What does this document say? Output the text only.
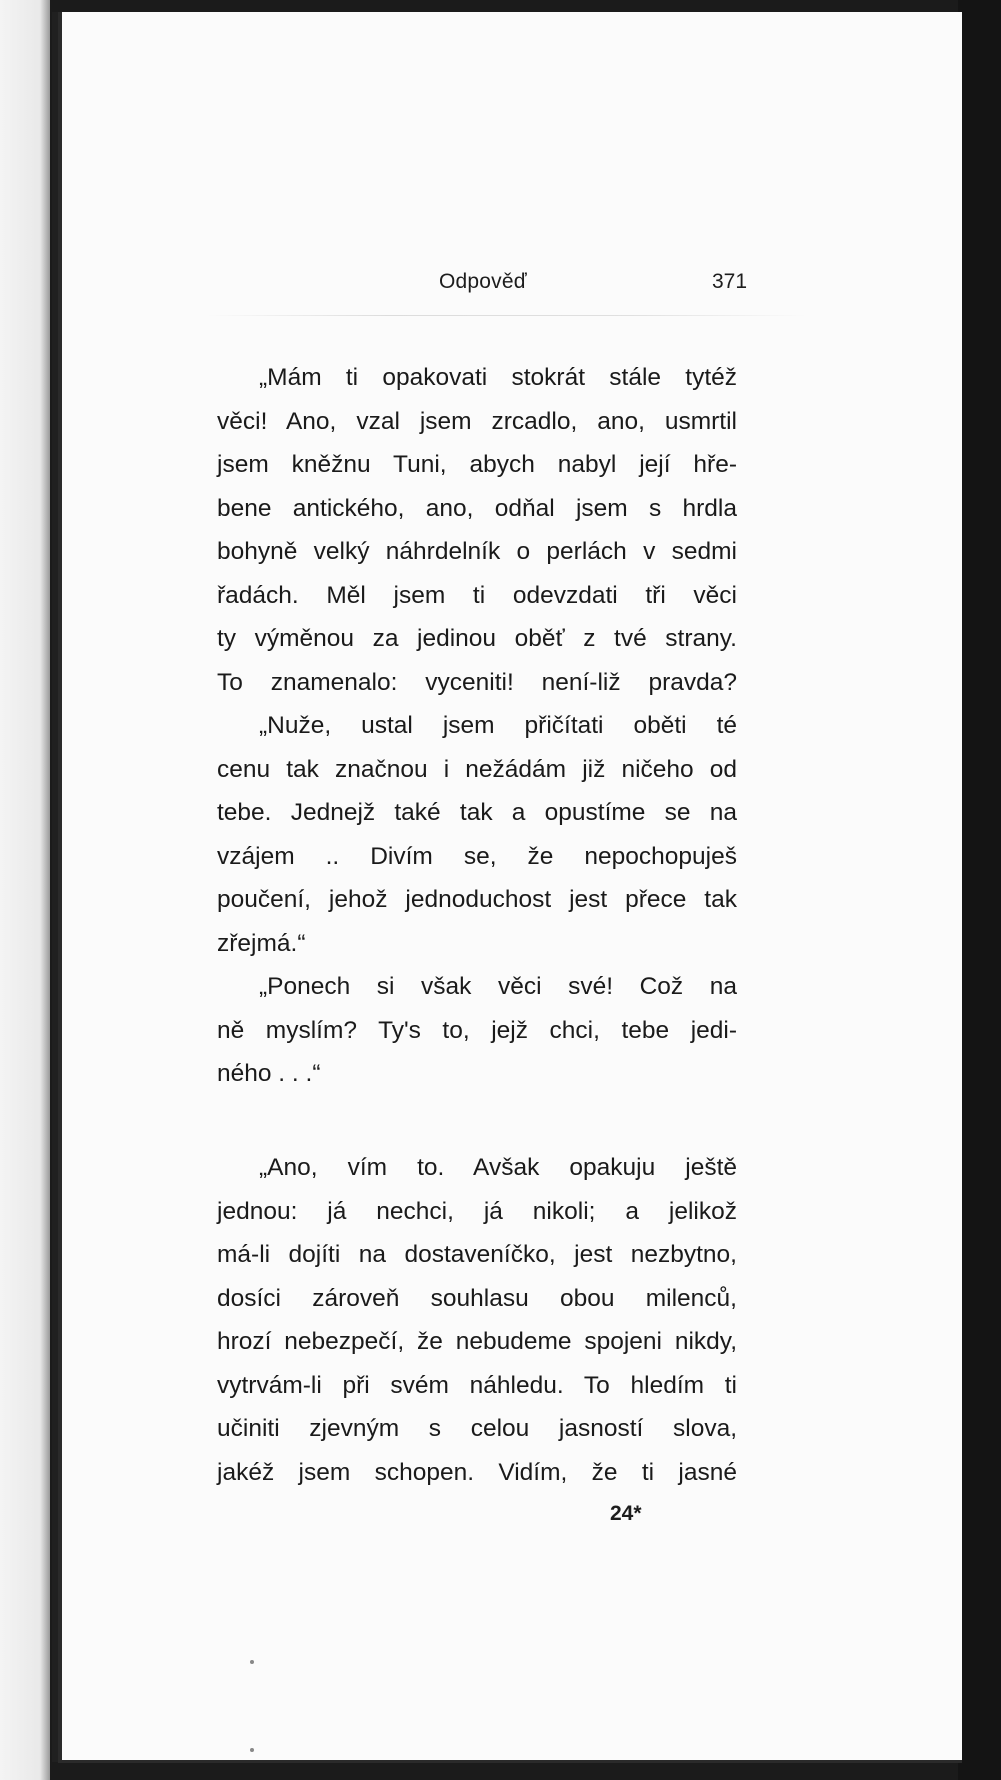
Odpověď	371
„Mám ti opakovati stokrát stále tytéž
věci! Ano, vzal jsem zrcadlo, ano, usmrtil
jsem kněžnu Tuni, abych nabyl její hře-
bene antického, ano, odňal jsem s hrdla
bohyně velký náhrdelník o perlách v sedmi
řadách. Měl jsem ti odevzdati tři věci
ty výměnou za jedinou oběť z tvé strany.
To znamenalo: vyceniti! není-liž pravda?
„Nuže, ustal jsem přičítati oběti té
cenu tak značnou i nežádám již ničeho od
tebe. Jednejž také tak a opustíme se na
vzájem .. Divím se, že nepochopuješ
poučení, jehož jednoduchost jest přece tak
zřejmá.“
„Ponech si však věci své! Což na
ně myslím? Ty's to, jejž chci, tebe jedi-
ného . . .“
„Ano, vím to. Avšak opakuju ještě
jednou: já nechci, já nikoli; a jelikož
má-li dojíti na dostaveníčko, jest nezbytno,
dosíci zároveň souhlasu obou milenců,
hrozí nebezpečí, že nebudeme spojeni nikdy,
vytrvám-li při svém náhledu. To hledím ti
učiniti zjevným s celou jasností slova,
jakéž jsem schopen. Vidím, že ti jasné
24*
